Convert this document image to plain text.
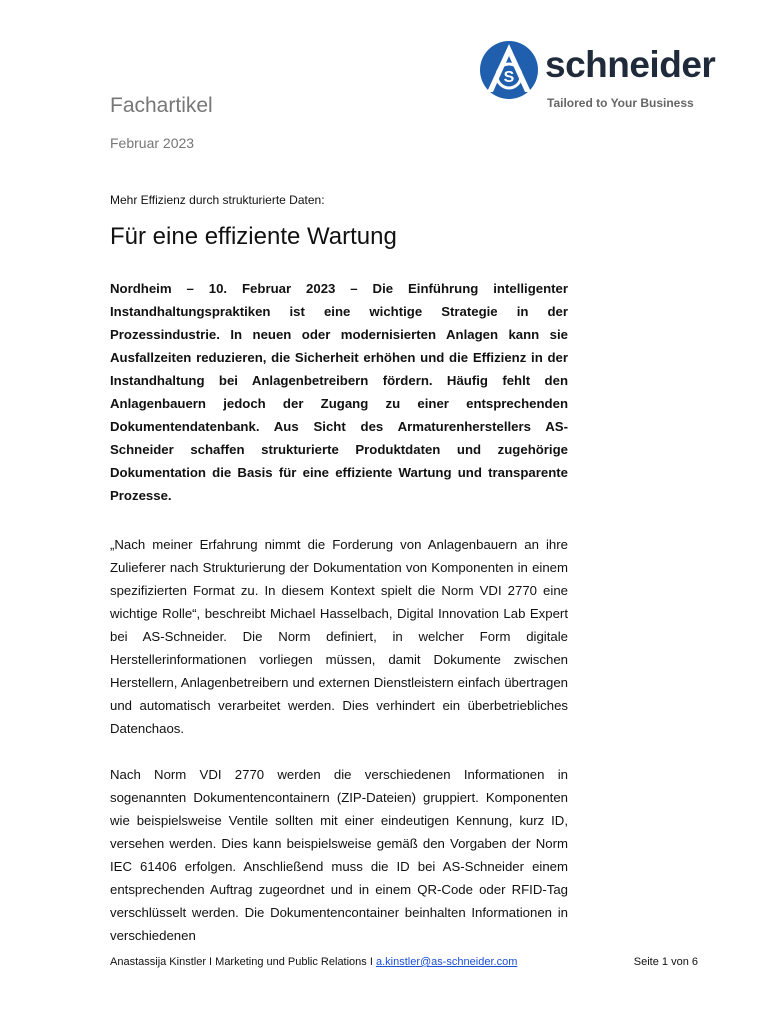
S schneider
Tailored to Your Business
Fachartikel
Februar 2023
Mehr Effizienz durch strukturierte Daten:
Für eine effiziente Wartung

Nordheim – 10. Februar 2023 – Die Einführung intelligenter Instandhaltungspraktiken ist eine wichtige Strategie in der Prozessindustrie. In neuen oder modernisierten Anlagen kann sie Ausfallzeiten reduzieren, die Sicherheit erhöhen und die Effizienz in der Instandhaltung bei Anlagenbetreibern fördern. Häufig fehlt den Anlagenbauern jedoch der Zugang zu einer entsprechenden Dokumentendatenbank. Aus Sicht des Armaturenherstellers AS-Schneider schaffen strukturierte Produktdaten und zugehörige Dokumentation die Basis für eine effiziente Wartung und transparente Prozesse.

„Nach meiner Erfahrung nimmt die Forderung von Anlagenbauern an ihre Zulieferer nach Strukturierung der Dokumentation von Komponenten in einem spezifizierten Format zu. In diesem Kontext spielt die Norm VDI 2770 eine wichtige Rolle“, beschreibt Michael Hasselbach, Digital Innovation Lab Expert bei AS-Schneider. Die Norm definiert, in welcher Form digitale Herstellerinformationen vorliegen müssen, damit Dokumente zwischen Herstellern, Anlagenbetreibern und externen Dienstleistern einfach übertragen und automatisch verarbeitet werden. Dies verhindert ein überbetriebliches Datenchaos.

Nach Norm VDI 2770 werden die verschiedenen Informationen in sogenannten Dokumentencontainern (ZIP-Dateien) gruppiert. Komponenten wie beispielsweise Ventile sollten mit einer eindeutigen Kennung, kurz ID, versehen werden. Dies kann beispielsweise gemäß den Vorgaben der Norm IEC 61406 erfolgen. Anschließend muss die ID bei AS-Schneider einem entsprechenden Auftrag zugeordnet und in einem QR-Code oder RFID-Tag verschlüsselt werden. Die Dokumentencontainer beinhalten Informationen in verschiedenen

Anastassija Kinstler I Marketing und Public Relations I a.kinstler@as-schneider.com	Seite 1 von 6
